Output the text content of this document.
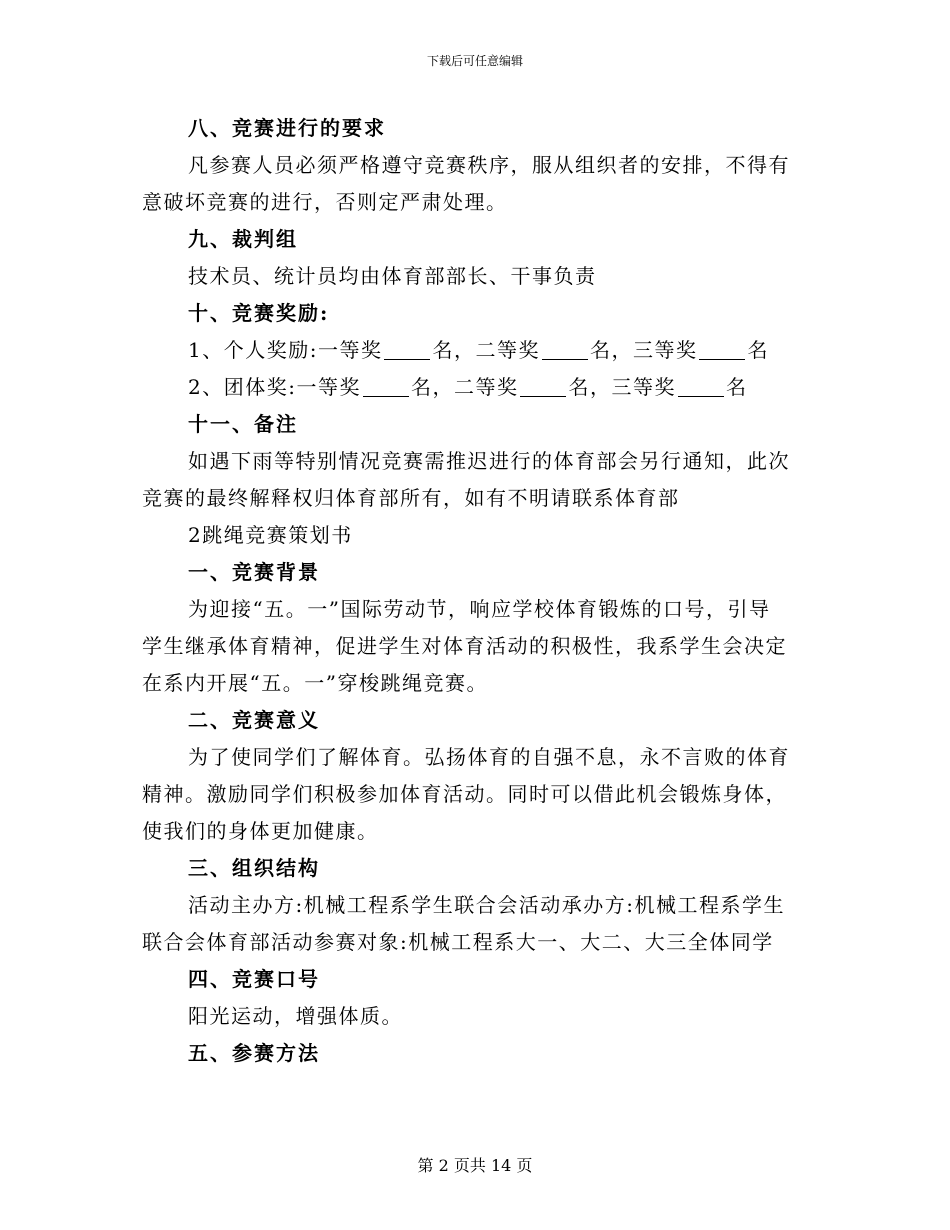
下载后可任意编辑
八、竞赛进行的要求
凡参赛人员必须严格遵守竞赛秩序，服从组织者的安排，不得有
意破坏竞赛的进行，否则定严肃处理。
九、裁判组
技术员、统计员均由体育部部长、干事负责
十、竞赛奖励:
1、个人奖励:一等奖	名，二等奖	名，三等奖	名
2、团体奖:一等奖	名，二等奖	名，三等奖	名
十一、备注
如遇下雨等特别情况竞赛需推迟进行的体育部会另行通知，此次
竞赛的最终解释权归体育部所有，如有不明请联系体育部
2跳绳竞赛策划书
一、竞赛背景
为迎接“五。一”国际劳动节，响应学校体育锻炼的口号，引导
学生继承体育精神，促进学生对体育活动的积极性，我系学生会决定
在系内开展“五。一”穿梭跳绳竞赛。
二、竞赛意义
为了使同学们了解体育。弘扬体育的自强不息，永不言败的体育
精神。激励同学们积极参加体育活动。同时可以借此机会锻炼身体，
使我们的身体更加健康。
三、组织结构
活动主办方:机械工程系学生联合会活动承办方:机械工程系学生
联合会体育部活动参赛对象:机械工程系大一、大二、大三全体同学
四、竞赛口号
阳光运动，增强体质。
五、参赛方法
第 2 页共 14 页
